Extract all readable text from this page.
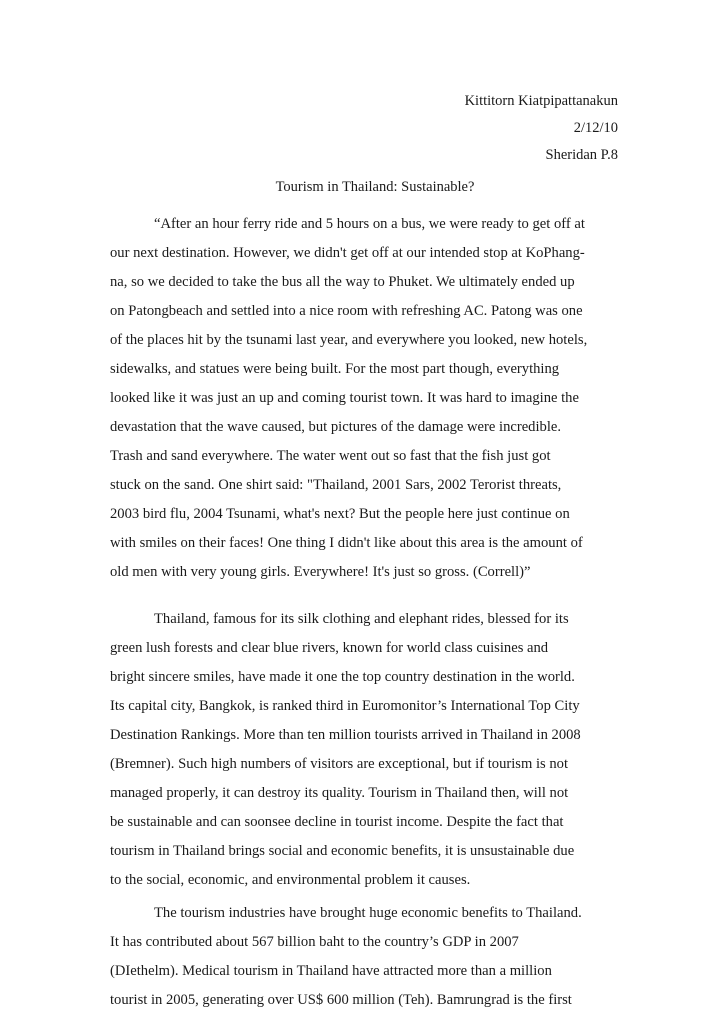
Kittitorn Kiatpipattanakun
2/12/10
Sheridan P.8
Tourism in Thailand: Sustainable?
“After an hour ferry ride and 5 hours on a bus, we were ready to get off at
our next destination. However, we didn't get off at our intended stop at KoPhang-
na, so we decided to take the bus all the way to Phuket. We ultimately ended up
on Patongbeach and settled into a nice room with refreshing AC. Patong was one
of the places hit by the tsunami last year, and everywhere you looked, new hotels,
sidewalks, and statues were being built. For the most part though, everything
looked like it was just an up and coming tourist town. It was hard to imagine the
devastation that the wave caused, but pictures of the damage were incredible.
Trash and sand everywhere. The water went out so fast that the fish just got
stuck on the sand. One shirt said: "Thailand, 2001 Sars, 2002 Terorist threats,
2003 bird flu, 2004 Tsunami, what's next? But the people here just continue on
with smiles on their faces! One thing I didn't like about this area is the amount of
old men with very young girls. Everywhere! It's just so gross. (Correll)”
Thailand, famous for its silk clothing and elephant rides, blessed for its
green lush forests and clear blue rivers, known for world class cuisines and
bright sincere smiles, have made it one the top country destination in the world.
Its capital city, Bangkok, is ranked third in Euromonitor’s International Top City
Destination Rankings. More than ten million tourists arrived in Thailand in 2008
(Bremner). Such high numbers of visitors are exceptional, but if tourism is not
managed properly, it can destroy its quality. Tourism in Thailand then, will not
be sustainable and can soonsee decline in tourist income. Despite the fact that
tourism in Thailand brings social and economic benefits, it is unsustainable due
to the social, economic, and environmental problem it causes.
The tourism industries have brought huge economic benefits to Thailand.
It has contributed about 567 billion baht to the country’s GDP in 2007
(DIethelm). Medical tourism in Thailand have attracted more than a million
tourist in 2005, generating over US$ 600 million (Teh). Bamrungrad is the first
